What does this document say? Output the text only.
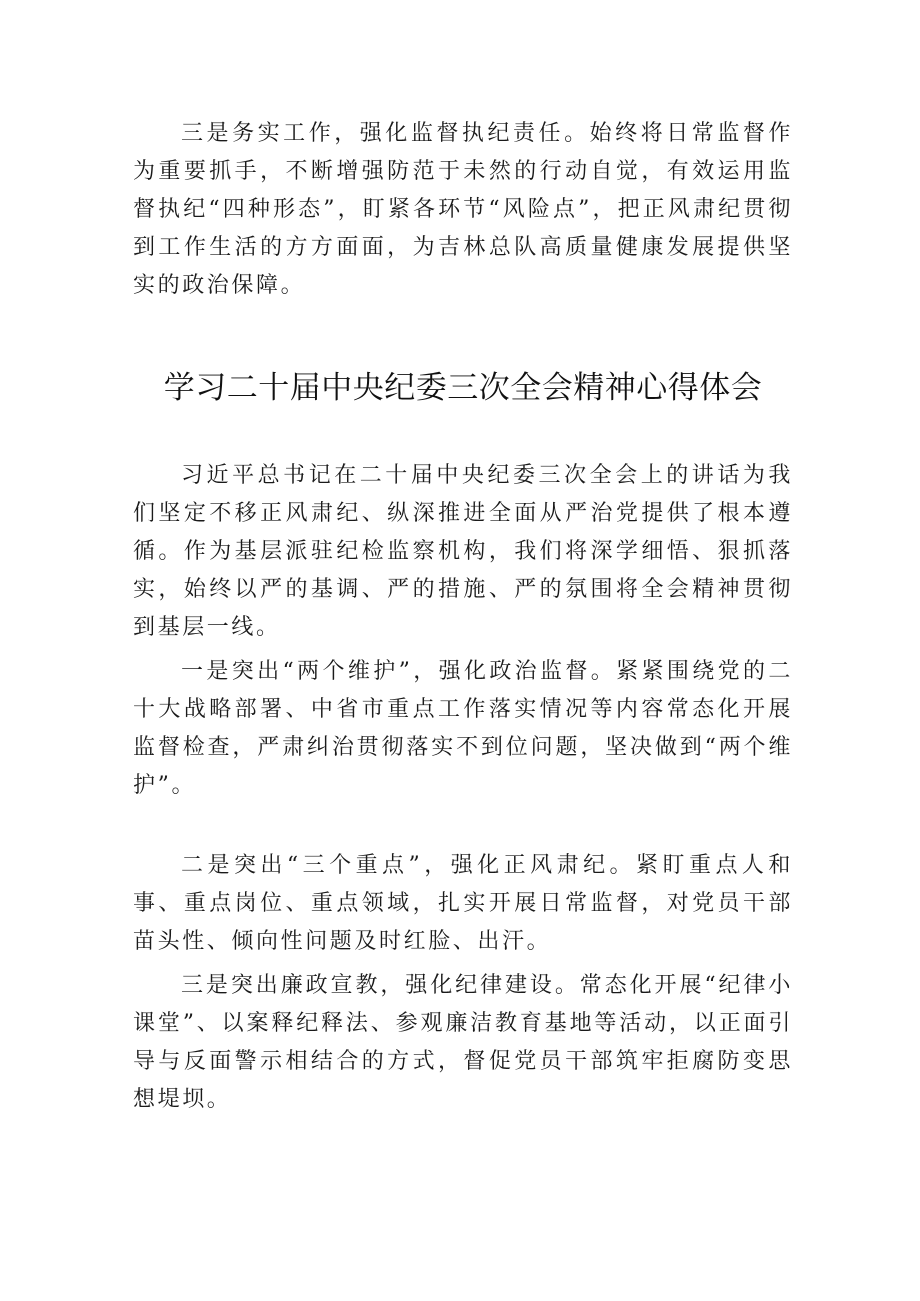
三是务实工作，强化监督执纪责任。始终将日常监督作为重要抓手，不断增强防范于未然的行动自觉，有效运用监督执纪“四种形态”，盯紧各环节“风险点”，把正风肃纪贯彻到工作生活的方方面面，为吉林总队高质量健康发展提供坚实的政治保障。

学习二十届中央纪委三次全会精神心得体会

习近平总书记在二十届中央纪委三次全会上的讲话为我们坚定不移正风肃纪、纵深推进全面从严治党提供了根本遵循。作为基层派驻纪检监察机构，我们将深学细悟、狠抓落实，始终以严的基调、严的措施、严的氛围将全会精神贯彻到基层一线。

一是突出“两个维护”，强化政治监督。紧紧围绕党的二十大战略部署、中省市重点工作落实情况等内容常态化开展监督检查，严肃纠治贯彻落实不到位问题，坚决做到“两个维护”。

二是突出“三个重点”，强化正风肃纪。紧盯重点人和事、重点岗位、重点领域，扎实开展日常监督，对党员干部苗头性、倾向性问题及时红脸、出汗。

三是突出廉政宣教，强化纪律建设。常态化开展“纪律小课堂”、以案释纪释法、参观廉洁教育基地等活动，以正面引导与反面警示相结合的方式，督促党员干部筑牢拒腐防变思想堤坝。
